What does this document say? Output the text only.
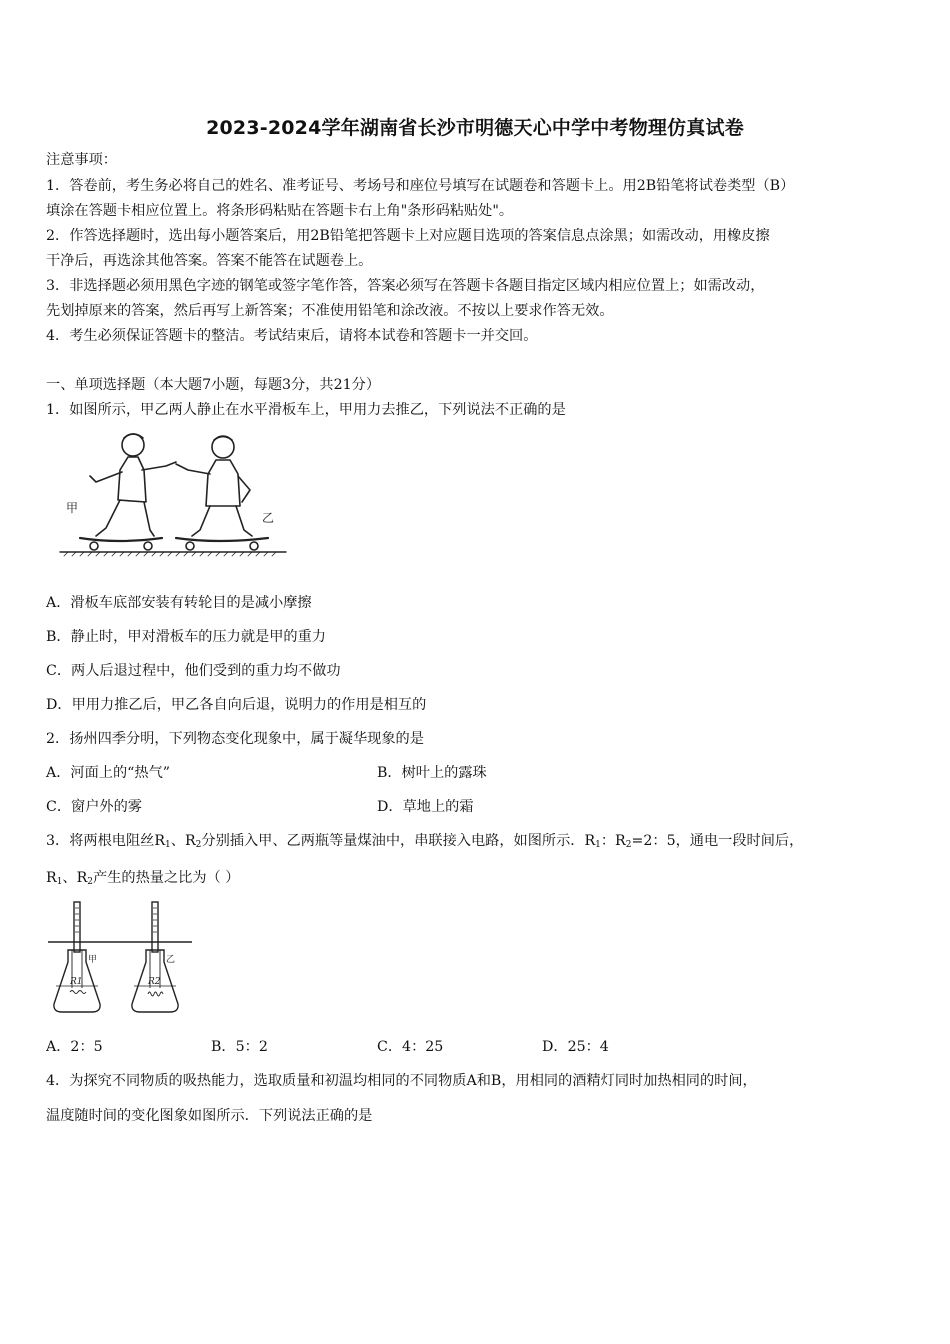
2023-2024学年湖南省长沙市明德天心中学中考物理仿真试卷
注意事项：
1．答卷前，考生务必将自己的姓名、准考证号、考场号和座位号填写在试题卷和答题卡上。用2B铅笔将试卷类型（B）
填涂在答题卡相应位置上。将条形码粘贴在答题卡右上角"条形码粘贴处"。
2．作答选择题时，选出每小题答案后，用2B铅笔把答题卡上对应题目选项的答案信息点涂黑；如需改动，用橡皮擦
干净后，再选涂其他答案。答案不能答在试题卷上。
3．非选择题必须用黑色字迹的钢笔或签字笔作答，答案必须写在答题卡各题目指定区域内相应位置上；如需改动，
先划掉原来的答案，然后再写上新答案；不准使用铅笔和涂改液。不按以上要求作答无效。
4．考生必须保证答题卡的整洁。考试结束后，请将本试卷和答题卡一并交回。
一、单项选择题（本大题7小题，每题3分，共21分）
1．如图所示，甲乙两人静止在水平滑板车上，甲用力去推乙，下列说法不正确的是
甲
乙
A．滑板车底部安装有转轮目的是减小摩擦
B．静止时，甲对滑板车的压力就是甲的重力
C．两人后退过程中，他们受到的重力均不做功
D．甲用力推乙后，甲乙各自向后退，说明力的作用是相互的
2．扬州四季分明，下列物态变化现象中，属于凝华现象的是
A．河面上的“热气”	B．树叶上的露珠
C．窗户外的雾	D．草地上的霜
3．将两根电阻丝$R_1$、$R_2$分别插入甲、乙两瓶等量煤油中，串联接入电路，如图所示．$R_1$：$R_2=2$：5，通电一段时间后，
$R_1$、$R_2$产生的热量之比为（ ）
甲	乙
R1	R2
A．2：5	B．5：2	C．4：25	D．25：4
4．为探究不同物质的吸热能力，选取质量和初温均相同的不同物质A和B，用相同的酒精灯同时加热相同的时间，
温度随时间的变化图象如图所示．下列说法正确的是
